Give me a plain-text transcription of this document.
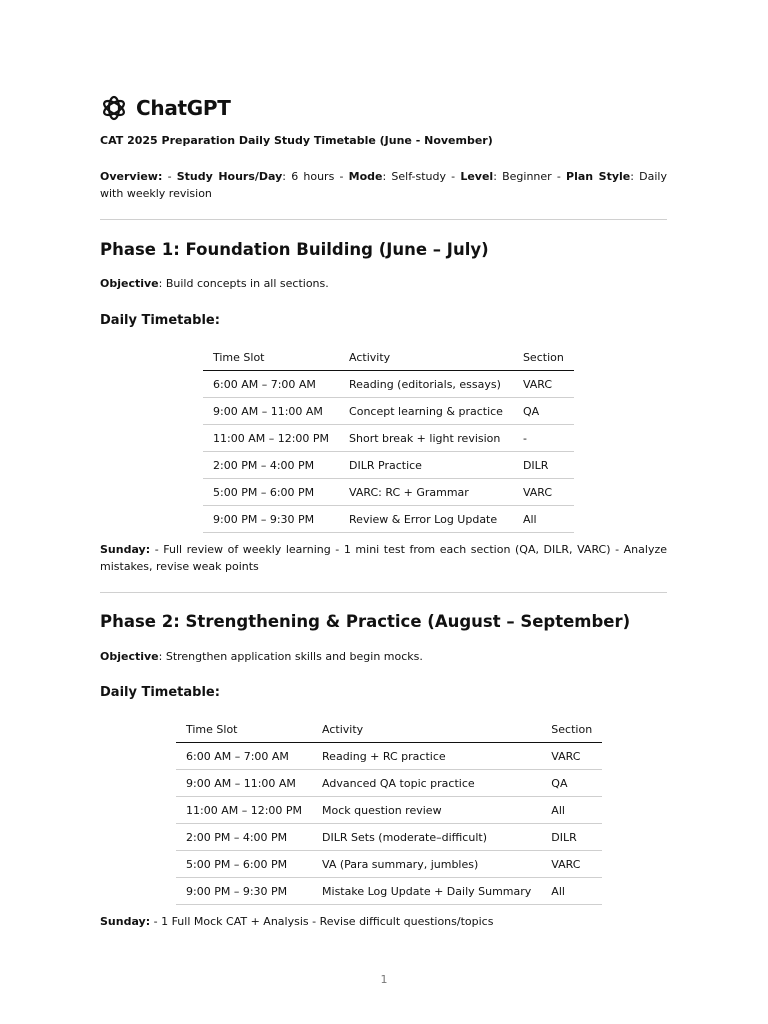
ChatGPT
CAT 2025 Preparation Daily Study Timetable (June - November)
Overview: - Study Hours/Day: 6 hours - Mode: Self-study - Level: Beginner - Plan Style: Daily with weekly revision
Phase 1: Foundation Building (June – July)
Objective: Build concepts in all sections.
Daily Timetable:
Time Slot	Activity	Section
6:00 AM – 7:00 AM	Reading (editorials, essays)	VARC
9:00 AM – 11:00 AM	Concept learning & practice	QA
11:00 AM – 12:00 PM	Short break + light revision	-
2:00 PM – 4:00 PM	DILR Practice	DILR
5:00 PM – 6:00 PM	VARC: RC + Grammar	VARC
9:00 PM – 9:30 PM	Review & Error Log Update	All
Sunday: - Full review of weekly learning - 1 mini test from each section (QA, DILR, VARC) - Analyze mistakes, revise weak points
Phase 2: Strengthening & Practice (August – September)
Objective: Strengthen application skills and begin mocks.
Daily Timetable:
Time Slot	Activity	Section
6:00 AM – 7:00 AM	Reading + RC practice	VARC
9:00 AM – 11:00 AM	Advanced QA topic practice	QA
11:00 AM – 12:00 PM	Mock question review	All
2:00 PM – 4:00 PM	DILR Sets (moderate–difficult)	DILR
5:00 PM – 6:00 PM	VA (Para summary, jumbles)	VARC
9:00 PM – 9:30 PM	Mistake Log Update + Daily Summary	All
Sunday: - 1 Full Mock CAT + Analysis - Revise difficult questions/topics
1
